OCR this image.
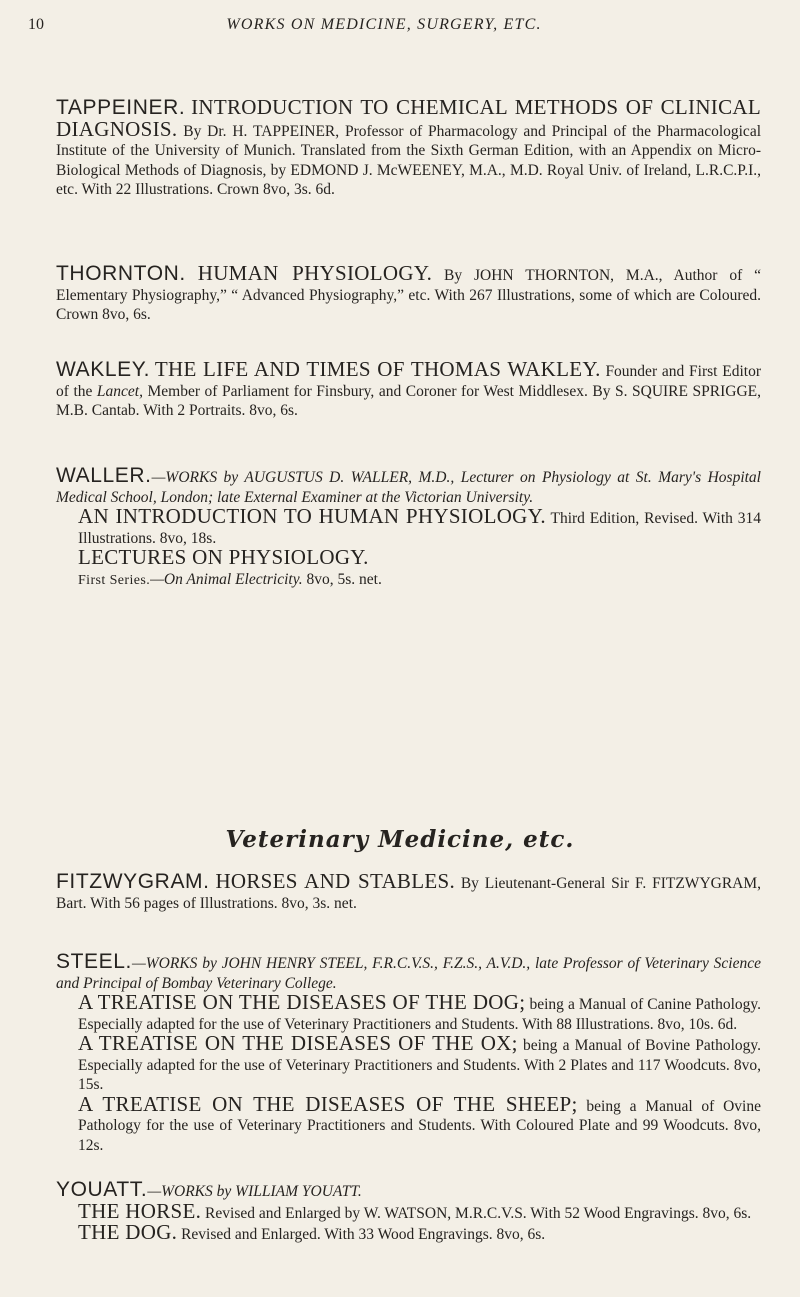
10	WORKS ON MEDICINE, SURGERY, ETC.

TAPPEINER. INTRODUCTION TO CHEMICAL METHODS OF CLINICAL DIAGNOSIS. By Dr. H. TAPPEINER, Professor of Pharmacology and Principal of the Pharmacological Institute of the University of Munich. Translated from the Sixth German Edition, with an Appendix on Micro-Biological Methods of Diagnosis, by EDMOND J. McWEENEY, M.A., M.D. Royal Univ. of Ireland, L.R.C.P.I., etc. With 22 Illustrations. Crown 8vo, 3s. 6d.

THORNTON. HUMAN PHYSIOLOGY. By JOHN THORNTON, M.A., Author of “ Elementary Physiography,” “ Advanced Physiography,” etc. With 267 Illustrations, some of which are Coloured. Crown 8vo, 6s.

WAKLEY. THE LIFE AND TIMES OF THOMAS WAKLEY. Founder and First Editor of the Lancet, Member of Parliament for Finsbury, and Coroner for West Middlesex. By S. SQUIRE SPRIGGE, M.B. Cantab. With 2 Portraits. 8vo, 6s.

WALLER.—WORKS by AUGUSTUS D. WALLER, M.D., Lecturer on Physiology at St. Mary's Hospital Medical School, London; late External Examiner at the Victorian University.

AN INTRODUCTION TO HUMAN PHYSIOLOGY. Third Edition, Revised. With 314 Illustrations. 8vo, 18s.

LECTURES ON PHYSIOLOGY.

First Series.—On Animal Electricity. 8vo, 5s. net.

Veterinary Medicine, etc.

FITZWYGRAM. HORSES AND STABLES. By Lieutenant-General Sir F. FITZWYGRAM, Bart. With 56 pages of Illustrations. 8vo, 3s. net.

STEEL.—WORKS by JOHN HENRY STEEL, F.R.C.V.S., F.Z.S., A.V.D., late Professor of Veterinary Science and Principal of Bombay Veterinary College.

A TREATISE ON THE DISEASES OF THE DOG; being a Manual of Canine Pathology. Especially adapted for the use of Veterinary Practitioners and Students. With 88 Illustrations. 8vo, 10s. 6d.

A TREATISE ON THE DISEASES OF THE OX; being a Manual of Bovine Pathology. Especially adapted for the use of Veterinary Practitioners and Students. With 2 Plates and 117 Woodcuts. 8vo, 15s.

A TREATISE ON THE DISEASES OF THE SHEEP; being a Manual of Ovine Pathology for the use of Veterinary Practitioners and Students. With Coloured Plate and 99 Woodcuts. 8vo, 12s.

YOUATT.—WORKS by WILLIAM YOUATT.

THE HORSE. Revised and Enlarged by W. WATSON, M.R.C.V.S. With 52 Wood Engravings. 8vo, 6s.

THE DOG. Revised and Enlarged. With 33 Wood Engravings. 8vo, 6s.
